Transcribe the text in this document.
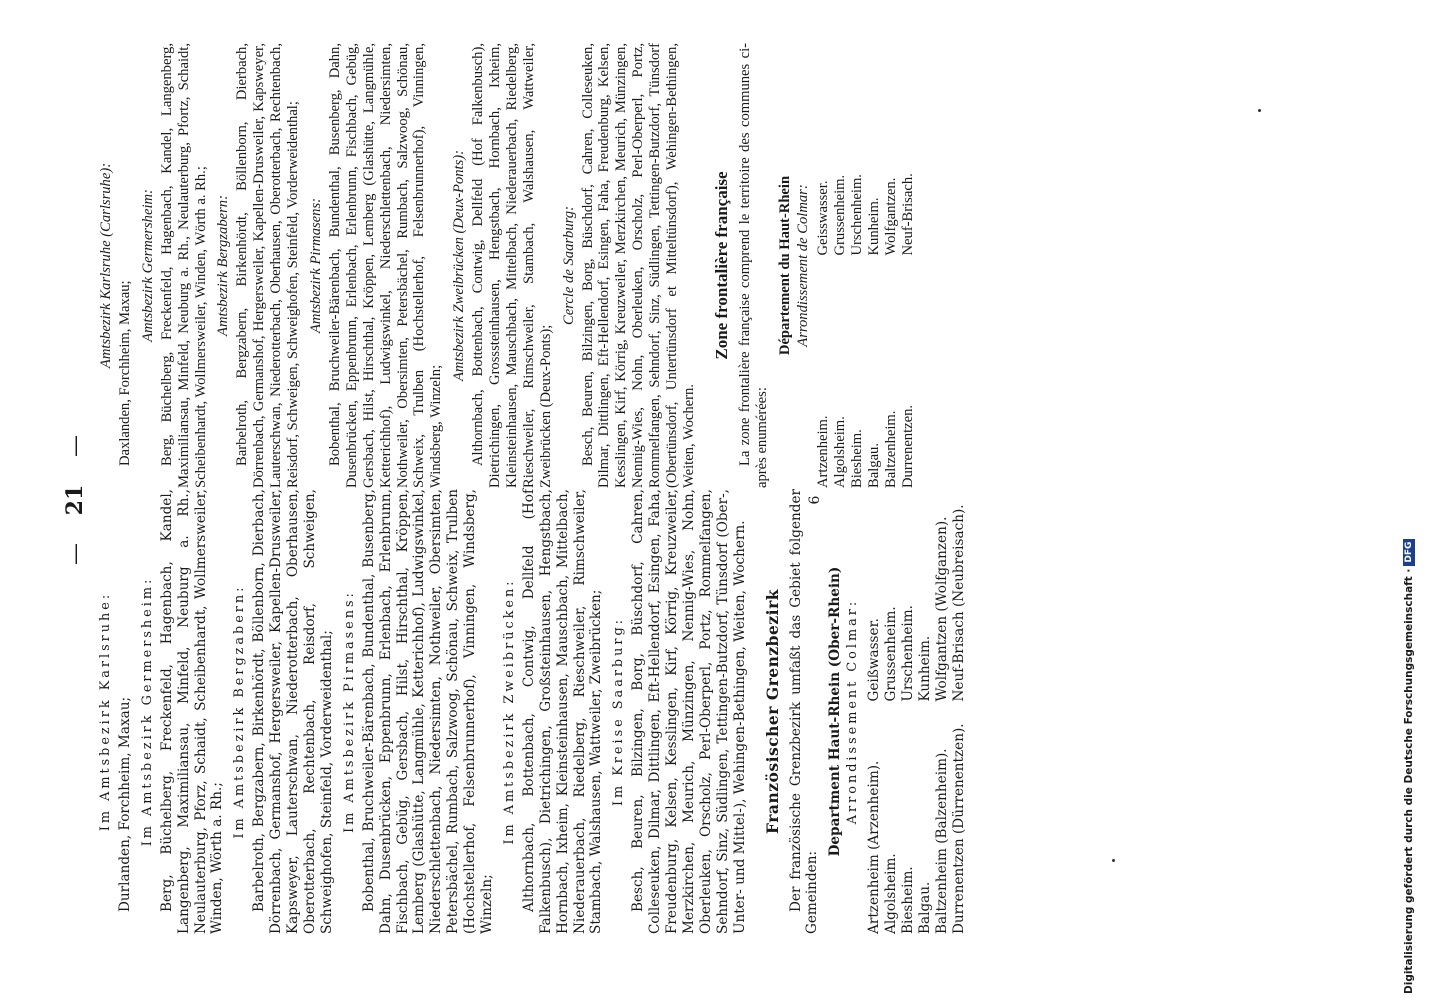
— 21 —
Im Amtsbezirk Karlsruhe: Durlanden, Forchheim, Maxau; Im Amtsbezirk Germersheim: Berg, Büchelberg, Freckenfeld, Hagenbach, Kandel, Langenberg, Maximiliansau, Minfeld, Neuburg a. Rh., Neulauterburg, Pforz, Schaidt, Scheibenhardt, Wollmersweiler, Winden, Wörth a. Rh.;

Im Amtsbezirk Bergzabern: Barbelroth, Bergzabern, Birkenhördt, Böllenborn, Dierbach, Dörrenbach, Germanshof, Hergersweiler, Kapellen-Drusweiler, Kapsweyer, Lauterschwan, Niederotterbach, Oberhausen, Oberotterbach, Rechtenbach, Reisdorf, Schweigen, Schweighofen, Steinfeld, Vorderweidenthal; Im Amtsbezirk Pirmasens: Bobenthal, Bruchweiler-Bärenbach, Bundenthal, Busenberg, Dahn, Dusenbrücken, Eppenbrunn, Erlenbach, Erlenbrunn, Fischbach, Gebüg, Gersbach, Hilst, Hirschthal, Kröppen, Lemberg (Glashütte, Langmühle, Ketterichhof), Ludwigswinkel, Niederschlettenbach, Niedersimten, Nothweiler, Obersimten, Petersbächel, Rumbach, Salzwoog, Schönau, Schweix, Trulben (Hochstellerhof, Felsenbrunnerhof), Vinningen, Windsberg, Winzeln;

Im Amtsbezirk Zweibrücken: Althornbach, Bottenbach, Contwig, Dellfeld (Hof Falkenbusch), Dietrichingen, Großsteinhausen, Hengstbach, Hornbach, Ixheim, Kleinsteinhausen, Mauschbach, Mittelbach, Niederauerbach, Riedelberg, Rieschweiler, Rimschweiler, Stambach, Walshausen, Wattweiler, Zweibrücken; Im Kreise Saarburg: Besch, Beuren, Bilzingen, Borg, Büschdorf, Cahren, Colleseuken, Dilmar, Dittlingen, Eft-Hellendorf, Esingen, Faha, Freudenburg, Kelsen, Kesslingen, Kirf, Körrig, Kreuzweiler, Merzkirchen, Meurich, Münzingen, Nennig-Wies, Nohn, Oberleuken, Orscholz, Perl-Oberperl, Portz, Rommelfangen, Sehndorf, Sinz, Südlingen, Tettingen-Butzdorf, Tünsdorf (Ober-, Unter- und Mittel-), Wehingen-Bethingen, Weiten, Wochern. Französischer Grenzbezirk Der französische Grenzbezirk umfaßt das Gebiet folgender Gemeinden:

Department Haut-Rhein (Ober-Rhein) Arrondissement Colmar:
Artzenheim (Arzenheim).
Geißwasser.
Algolsheim.
Grussenheim.
Biesheim.
Urschenheim.
Balgau.
Kunheim.
Baltzenheim (Balzenheim).
Wolfgantzen (Wolfganzen).
Durrenentzen (Dürrenentzen).
Neuf-Brisach (Neubreisach).
Amtsbezirk Karlsruhe (Carlsruhe):

Daxlanden, Forchheim, Maxau;

Amtsbezirk Germersheim: Berg, Büchelberg, Freckenfeld, Hagenbach, Kandel, Langenberg, Maximiliansau, Minfeld, Neuburg a. Rh., Neulauterburg, Pfortz, Schaidt, Scheibenhardt, Wollmersweiler, Winden, Wörth a. Rh.; Amtsbezirk Bergzabern: Barbelroth, Bergzabern, Birkenhördt, Böllenborn, Dierbach, Dörrenbach, Germanshof, Hergersweiler, Kapellen-Drusweiler, Kapsweyer, Lauterschwan, Niederotterbach, Oberhausen, Oberotterbach, Rechtenbach, Reisdorf, Schweigen, Schweighofen, Steinfeld, Vorderweidenthal; Amtsbezirk Pirmasens: Bobenthal, Bruchweiler-Bärenbach, Bundenthal, Busenberg, Dahn, Dusenbrücken, Eppenbrunn, Erlenbach, Erlenbrunn, Fischbach, Gebüg, Gersbach, Hilst, Hirschthal, Kröppen, Lemberg (Glashütte, Langmühle, Ketterichhof), Ludwigswinkel, Niederschlettenbach, Niedersimten, Nothweiler, Obersimten, Petersbächel, Rumbach, Salzwoog, Schönau, Schweix, Trulben (Hochstellerhof, Felsenbrunnerhof), Vinningen, Windsberg, Winzeln;

Amtsbezirk Zweibrücken (Deux-Ponts): Althornbach, Bottenbach, Contwig, Dellfeld (Hof Falkenbusch), Dietrichingen, Grosssteinhausen, Hengstbach, Hornbach, Ixheim, Kleinsteinhausen, Mauschbach, Mittelbach, Niederauerbach, Riedelberg, Rieschweiler, Rimschweiler, Stambach, Walshausen, Wattweiler, Zweibrücken (Deux-Ponts);

Cercle de Saarburg: Besch, Beuren, Bilzingen, Borg, Büschdorf, Cahren, Colleseuken, Dilmar, Dittlingen, Eft-Hellendorf, Esingen, Faha, Freudenburg, Kelsen, Kesslingen, Kirf, Körrig, Kreuzweiler, Merzkirchen, Meurich, Münzingen, Nennig-Wies, Nohn, Oberleuken, Orscholz, Perl-Oberperl, Portz, Rommelfangen, Sehndorf, Sinz, Südlingen, Tettingen-Butzdorf, Tünsdorf (Obertünsdorf, Untertünsdorf et Mitteltünsdorf), Wehingen-Bethingen, Weiten, Wochern.

Zone frontalière française La zone frontalière française comprend le territoire des communes ci-après enumérées:

Département du Haut-Rhein Arrondissement de Colmar:
Artzenheim.
Geisswasser.
Algolsheim.
Grussenheim.
Biesheim.
Urschenheim.
Balgau.
Kunheim.
Baltzenheim.
Wolfgantzen.
Durrenentzen.
Neuf-Brisach.
6
Digitalisierung gefördert durch die Deutsche Forschungsgemeinschaft ·
DFG
